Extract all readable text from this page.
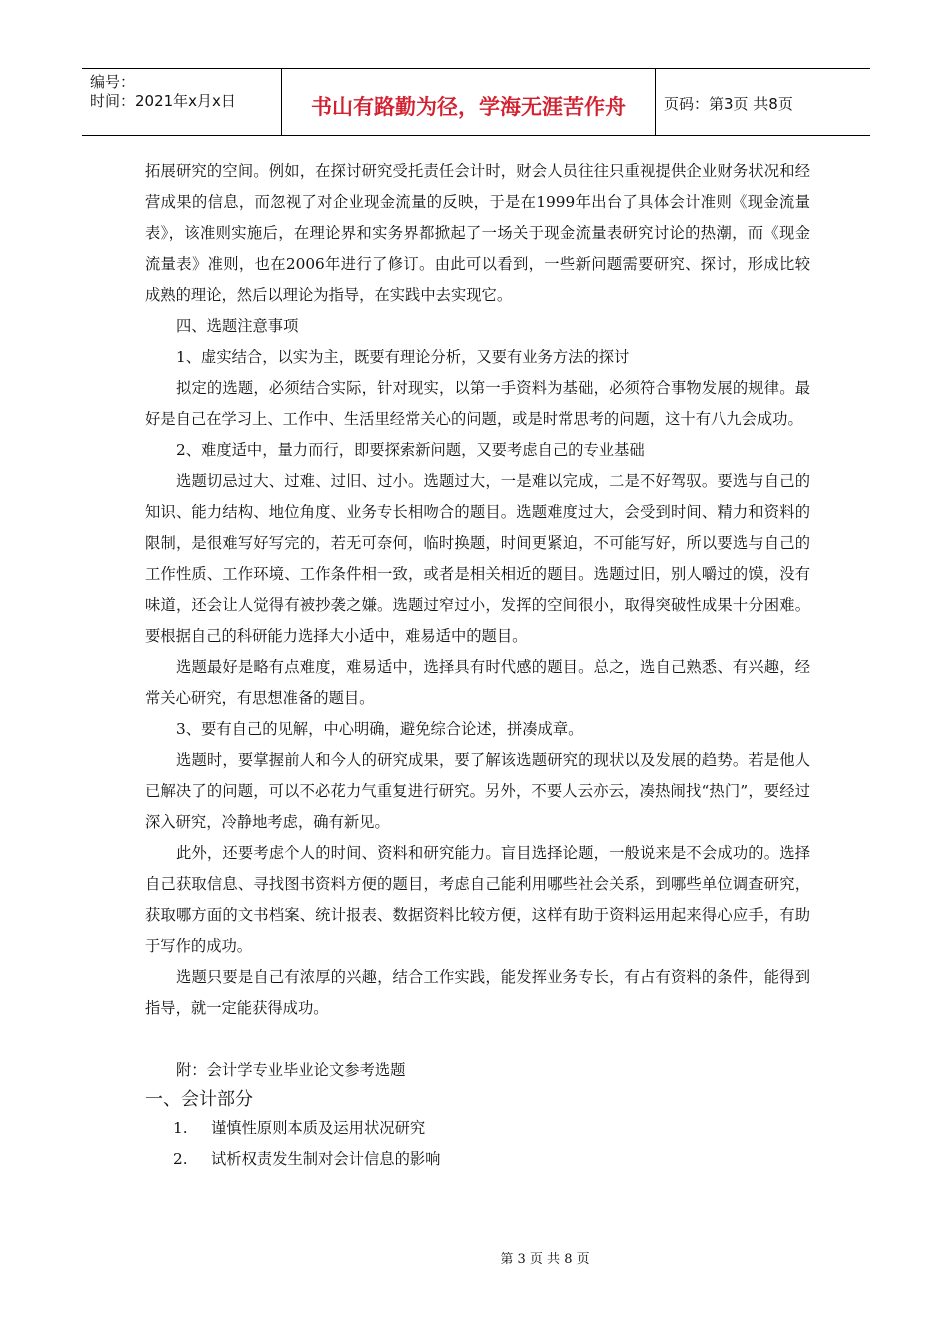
编号：
时间：2021年x月x日	书山有路勤为径，学海无涯苦作舟	页码：第3页 共8页

拓展研究的空间。例如，在探讨研究受托责任会计时，财会人员往往只重视提供企业财务状况和经营成果的信息，而忽视了对企业现金流量的反映，于是在1999年出台了具体会计准则《现金流量表》，该准则实施后，在理论界和实务界都掀起了一场关于现金流量表研究讨论的热潮，而《现金流量表》准则，也在2006年进行了修订。由此可以看到，一些新问题需要研究、探讨，形成比较成熟的理论，然后以理论为指导，在实践中去实现它。

四、选题注意事项

1、虚实结合，以实为主，既要有理论分析，又要有业务方法的探讨

拟定的选题，必须结合实际，针对现实，以第一手资料为基础，必须符合事物发展的规律。最好是自己在学习上、工作中、生活里经常关心的问题，或是时常思考的问题，这十有八九会成功。

2、难度适中，量力而行，即要探索新问题，又要考虑自己的专业基础

选题切忌过大、过难、过旧、过小。选题过大，一是难以完成，二是不好驾驭。要选与自己的知识、能力结构、地位角度、业务专长相吻合的题目。选题难度过大，会受到时间、精力和资料的限制，是很难写好写完的，若无可奈何，临时换题，时间更紧迫，不可能写好，所以要选与自己的工作性质、工作环境、工作条件相一致，或者是相关相近的题目。选题过旧，别人嚼过的馍，没有味道，还会让人觉得有被抄袭之嫌。选题过窄过小，发挥的空间很小，取得突破性成果十分困难。要根据自己的科研能力选择大小适中，难易适中的题目。

选题最好是略有点难度，难易适中，选择具有时代感的题目。总之，选自己熟悉、有兴趣，经常关心研究，有思想准备的题目。

3、要有自己的见解，中心明确，避免综合论述，拼凑成章。

选题时，要掌握前人和今人的研究成果，要了解该选题研究的现状以及发展的趋势。若是他人已解决了的问题，可以不必花力气重复进行研究。另外，不要人云亦云，凑热闹找“热门”，要经过深入研究，冷静地考虑，确有新见。

此外，还要考虑个人的时间、资料和研究能力。盲目选择论题，一般说来是不会成功的。选择自己获取信息、寻找图书资料方便的题目，考虑自己能利用哪些社会关系，到哪些单位调查研究，获取哪方面的文书档案、统计报表、数据资料比较方便，这样有助于资料运用起来得心应手，有助于写作的成功。

选题只要是自己有浓厚的兴趣，结合工作实践，能发挥业务专长，有占有资料的条件，能得到指导，就一定能获得成功。

附：会计学专业毕业论文参考选题

一、会计部分

1.	谨慎性原则本质及运用状况研究
2.	试析权责发生制对会计信息的影响
第 3 页 共 8 页
